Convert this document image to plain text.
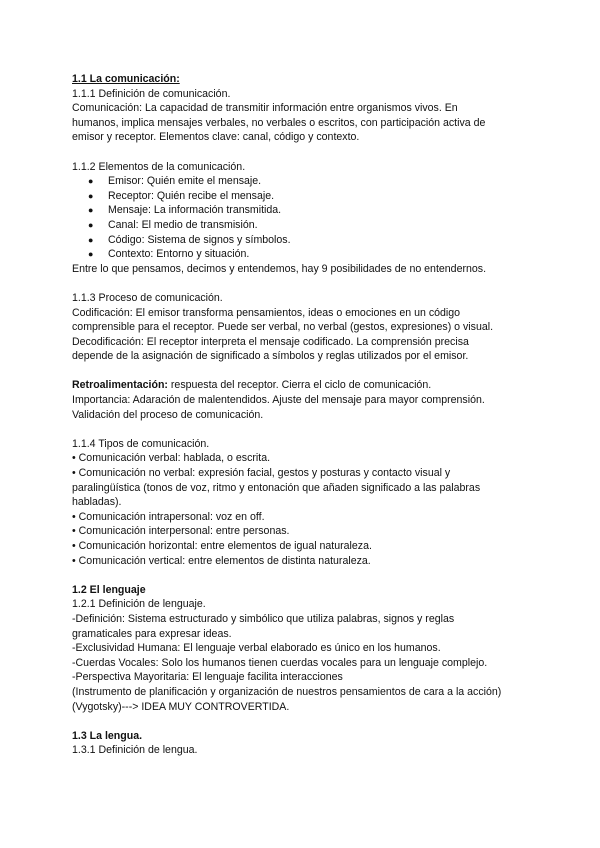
1.1 La comunicación:
1.1.1 Definición de comunicación.
Comunicación: La capacidad de transmitir información entre organismos vivos. En
humanos, implica mensajes verbales, no verbales o escritos, con participación activa de
emisor y receptor. Elementos clave: canal, código y contexto.
1.1.2 Elementos de la comunicación.
●	Emisor: Quién emite el mensaje.
●	Receptor: Quién recibe el mensaje.
●	Mensaje: La información transmitida.
●	Canal: El medio de transmisión.
●	Código: Sistema de signos y símbolos.
●	Contexto: Entorno y situación.
Entre lo que pensamos, decimos y entendemos, hay 9 posibilidades de no entendernos.
1.1.3 Proceso de comunicación.
Codificación: El emisor transforma pensamientos, ideas o emociones en un código
comprensible para el receptor. Puede ser verbal, no verbal (gestos, expresiones) o visual.
Decodificación: El receptor interpreta el mensaje codificado. La comprensión precisa
depende de la asignación de significado a símbolos y reglas utilizados por el emisor.
Retroalimentación: respuesta del receptor. Cierra el ciclo de comunicación.
Importancia: Adaración de malentendidos. Ajuste del mensaje para mayor comprensión.
Validación del proceso de comunicación.
1.1.4 Tipos de comunicación.
• Comunicación verbal: hablada, o escrita.
• Comunicación no verbal: expresión facial, gestos y posturas y contacto visual y
paralingüística (tonos de voz, ritmo y entonación que añaden significado a las palabras
habladas).
• Comunicación intrapersonal: voz en off.
• Comunicación interpersonal: entre personas.
• Comunicación horizontal: entre elementos de igual naturaleza.
• Comunicación vertical: entre elementos de distinta naturaleza.
1.2 El lenguaje
1.2.1 Definición de lenguaje.
-Definición: Sistema estructurado y simbólico que utiliza palabras, signos y reglas
gramaticales para expresar ideas.
-Exclusividad Humana: El lenguaje verbal elaborado es único en los humanos.
-Cuerdas Vocales: Solo los humanos tienen cuerdas vocales para un lenguaje complejo.
-Perspectiva Mayoritaria: El lenguaje facilita interacciones
(Instrumento de planificación y organización de nuestros pensamientos de cara a la acción)
(Vygotsky)---> IDEA MUY CONTROVERTIDA.
1.3 La lengua.
1.3.1 Definición de lengua.
